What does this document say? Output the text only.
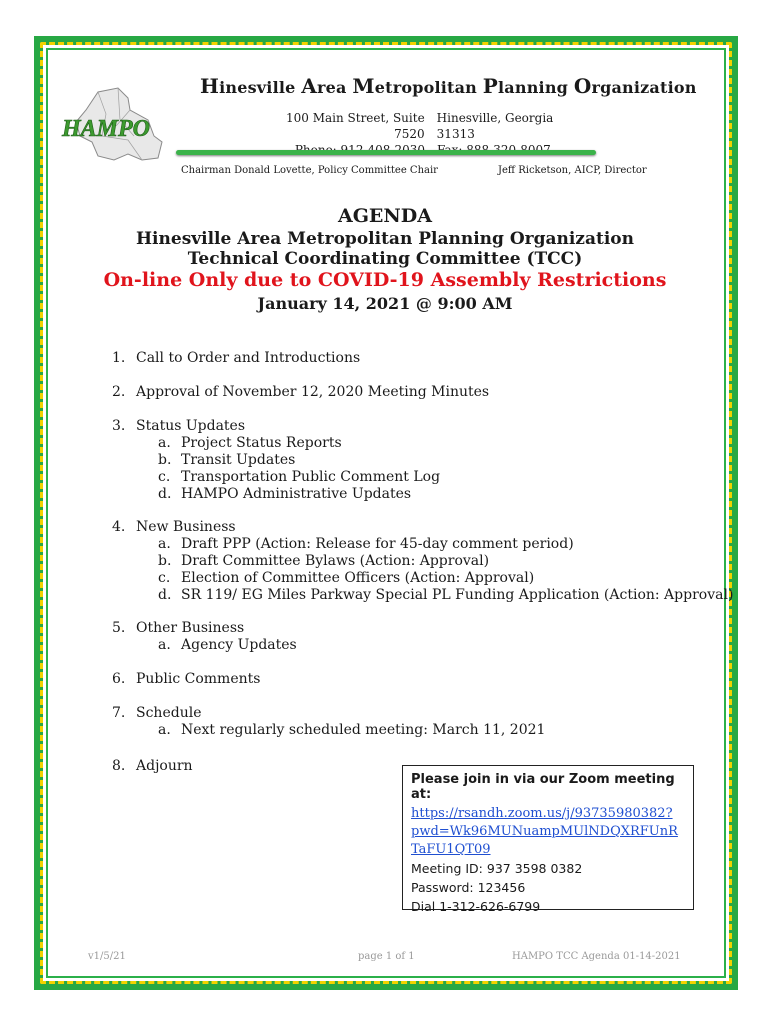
HAMPO
Hinesville Area Metropolitan Planning Organization
100 Main Street, Suite 7520
Hinesville, Georgia 31313
Chairman Donald Lovette, Policy Committee Chair	Jeff Ricketson, AICP, Director
AGENDA
Hinesville Area Metropolitan Planning Organization
Technical Coordinating Committee (TCC)
On-line Only due to COVID-19 Assembly Restrictions
January 14, 2021 @ 9:00 AM
1. Call to Order and Introductions
2. Approval of November 12, 2020 Meeting Minutes
3. Status Updates
a. Project Status Reports
b. Transit Updates
c. Transportation Public Comment Log
d. HAMPO Administrative Updates
4. New Business
a. Draft PPP (Action: Release for 45-day comment period)
b. Draft Committee Bylaws (Action: Approval)
c. Election of Committee Officers (Action: Approval)
d. SR 119/ EG Miles Parkway Special PL Funding Application (Action: Approval)
5. Other Business
a. Agency Updates
6. Public Comments
7. Schedule
a. Next regularly scheduled meeting: March 11, 2021
8. Adjourn
Please join in via our Zoom meeting at:
https://rsandh.zoom.us/j/93735980382?
pwd=Wk96MUNuampMUlNDQXRFUnR
TaFU1QT09
Meeting ID: 937 3598 0382
Password: 123456
Dial 1-312-626-6799
v1/5/21	page 1 of 1	HAMPO TCC Agenda 01-14-2021
